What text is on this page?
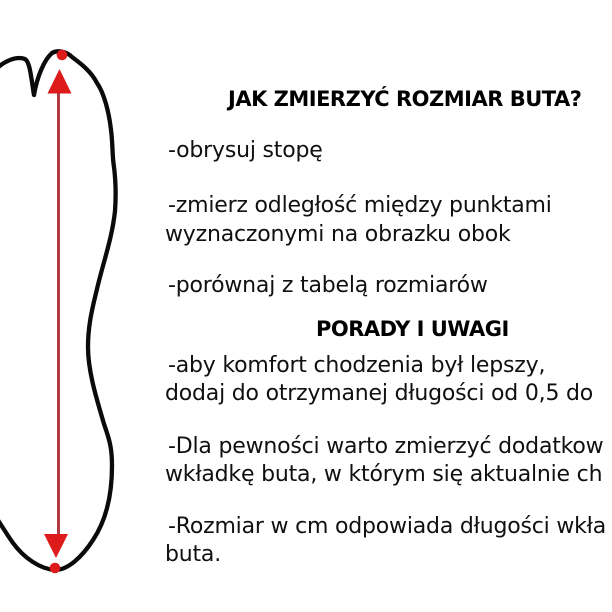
JAK ZMIERZYĆ ROZMIAR BUTA?
-obrysuj stopę
-zmierz odległość między punktami
wyznaczonymi na obrazku obok
-porównaj z tabelą rozmiarów
PORADY I UWAGI
-aby komfort chodzenia był lepszy,
dodaj do otrzymanej długości od 0,5 do
-Dla pewności warto zmierzyć dodatkow
wkładkę buta, w którym się aktualnie ch
-Rozmiar w cm odpowiada długości wkła
buta.
